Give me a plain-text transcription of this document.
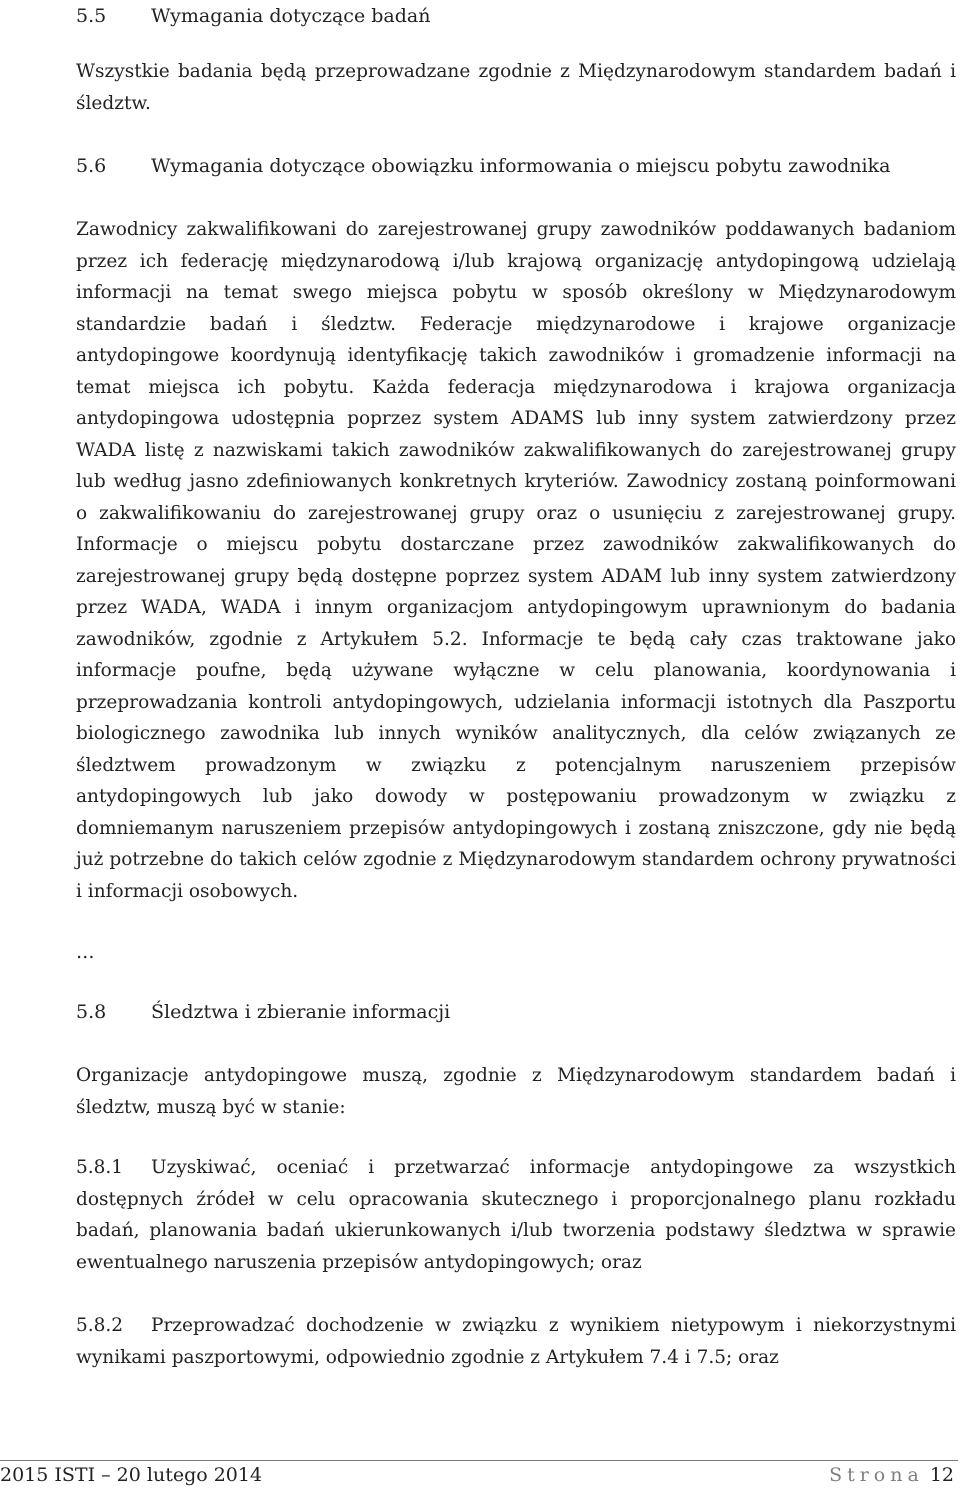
5.5	Wymagania dotyczące badań

Wszystkie badania będą przeprowadzane zgodnie z Międzynarodowym standardem badań i śledztw.

5.6	Wymagania dotyczące obowiązku informowania o miejscu pobytu zawodnika

Zawodnicy zakwalifikowani do zarejestrowanej grupy zawodników poddawanych badaniom przez ich federację międzynarodową i/lub krajową organizację antydopingową udzielają informacji na temat swego miejsca pobytu w sposób określony w Międzynarodowym standardzie badań i śledztw. Federacje międzynarodowe i krajowe organizacje antydopingowe koordynują identyfikację takich zawodników i gromadzenie informacji na temat miejsca ich pobytu. Każda federacja międzynarodowa i krajowa organizacja antydopingowa udostępnia poprzez system ADAMS lub inny system zatwierdzony przez WADA listę z nazwiskami takich zawodników zakwalifikowanych do zarejestrowanej grupy lub według jasno zdefiniowanych konkretnych kryteriów. Zawodnicy zostaną poinformowani o zakwalifikowaniu do zarejestrowanej grupy oraz o usunięciu z zarejestrowanej grupy. Informacje o miejscu pobytu dostarczane przez zawodników zakwalifikowanych do zarejestrowanej grupy będą dostępne poprzez system ADAM lub inny system zatwierdzony przez WADA, WADA i innym organizacjom antydopingowym uprawnionym do badania zawodników, zgodnie z Artykułem 5.2. Informacje te będą cały czas traktowane jako informacje poufne, będą używane wyłączne w celu planowania, koordynowania i przeprowadzania kontroli antydopingowych, udzielania informacji istotnych dla Paszportu biologicznego zawodnika lub innych wyników analitycznych, dla celów związanych ze śledztwem prowadzonym w związku z potencjalnym naruszeniem przepisów antydopingowych lub jako dowody w postępowaniu prowadzonym w związku z domniemanym naruszeniem przepisów antydopingowych i zostaną zniszczone, gdy nie będą już potrzebne do takich celów zgodnie z Międzynarodowym standardem ochrony prywatności i informacji osobowych.

…
5.8	Śledztwa i zbieranie informacji

Organizacje antydopingowe muszą, zgodnie z Międzynarodowym standardem badań i śledztw, muszą być w stanie:

5.8.1 Uzyskiwać, oceniać i przetwarzać informacje antydopingowe za wszystkich dostępnych źródeł w celu opracowania skutecznego i proporcjonalnego planu rozkładu badań, planowania badań ukierunkowanych i/lub tworzenia podstawy śledztwa w sprawie ewentualnego naruszenia przepisów antydopingowych; oraz

5.8.2 Przeprowadzać dochodzenie w związku z wynikiem nietypowym i niekorzystnymi wynikami paszportowymi, odpowiednio zgodnie z Artykułem 7.4 i 7.5; oraz

2015 ISTI – 20 lutego 2014	Strona 12
